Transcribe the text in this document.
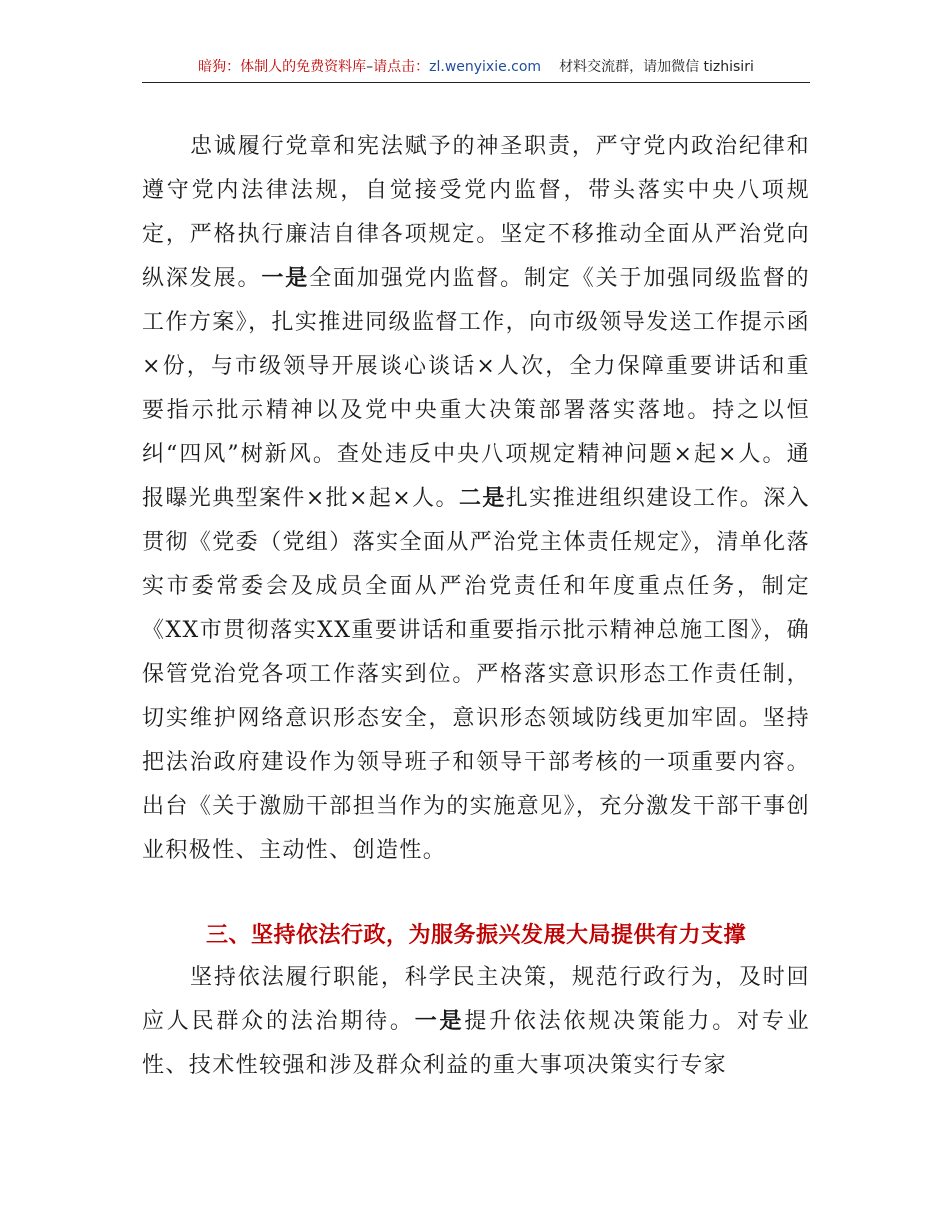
暗狗：体制人的免费资料库–请点击：zl.wenyixie.com 材料交流群，请加微信 tizhisiri

忠诚履行党章和宪法赋予的神圣职责，严守党内政治纪律和遵守党内法律法规，自觉接受党内监督，带头落实中央八项规定，严格执行廉洁自律各项规定。坚定不移推动全面从严治党向纵深发展。一是全面加强党内监督。制定《关于加强同级监督的工作方案》，扎实推进同级监督工作，向市级领导发送工作提示函×份，与市级领导开展谈心谈话×人次，全力保障重要讲话和重要指示批示精神以及党中央重大决策部署落实落地。持之以恒纠“四风”树新风。查处违反中央八项规定精神问题×起×人。通报曝光典型案件×批×起×人。二是扎实推进组织建设工作。深入贯彻《党委（党组）落实全面从严治党主体责任规定》，清单化落实市委常委会及成员全面从严治党责任和年度重点任务，制定《XX市贯彻落实XX重要讲话和重要指示批示精神总施工图》，确保管党治党各项工作落实到位。严格落实意识形态工作责任制，切实维护网络意识形态安全，意识形态领域防线更加牢固。坚持把法治政府建设作为领导班子和领导干部考核的一项重要内容。出台《关于激励干部担当作为的实施意见》，充分激发干部干事创业积极性、主动性、创造性。

三、坚持依法行政，为服务振兴发展大局提供有力支撑

坚持依法履行职能，科学民主决策，规范行政行为，及时回应人民群众的法治期待。一是提升依法依规决策能力。对专业性、技术性较强和涉及群众利益的重大事项决策实行专家
